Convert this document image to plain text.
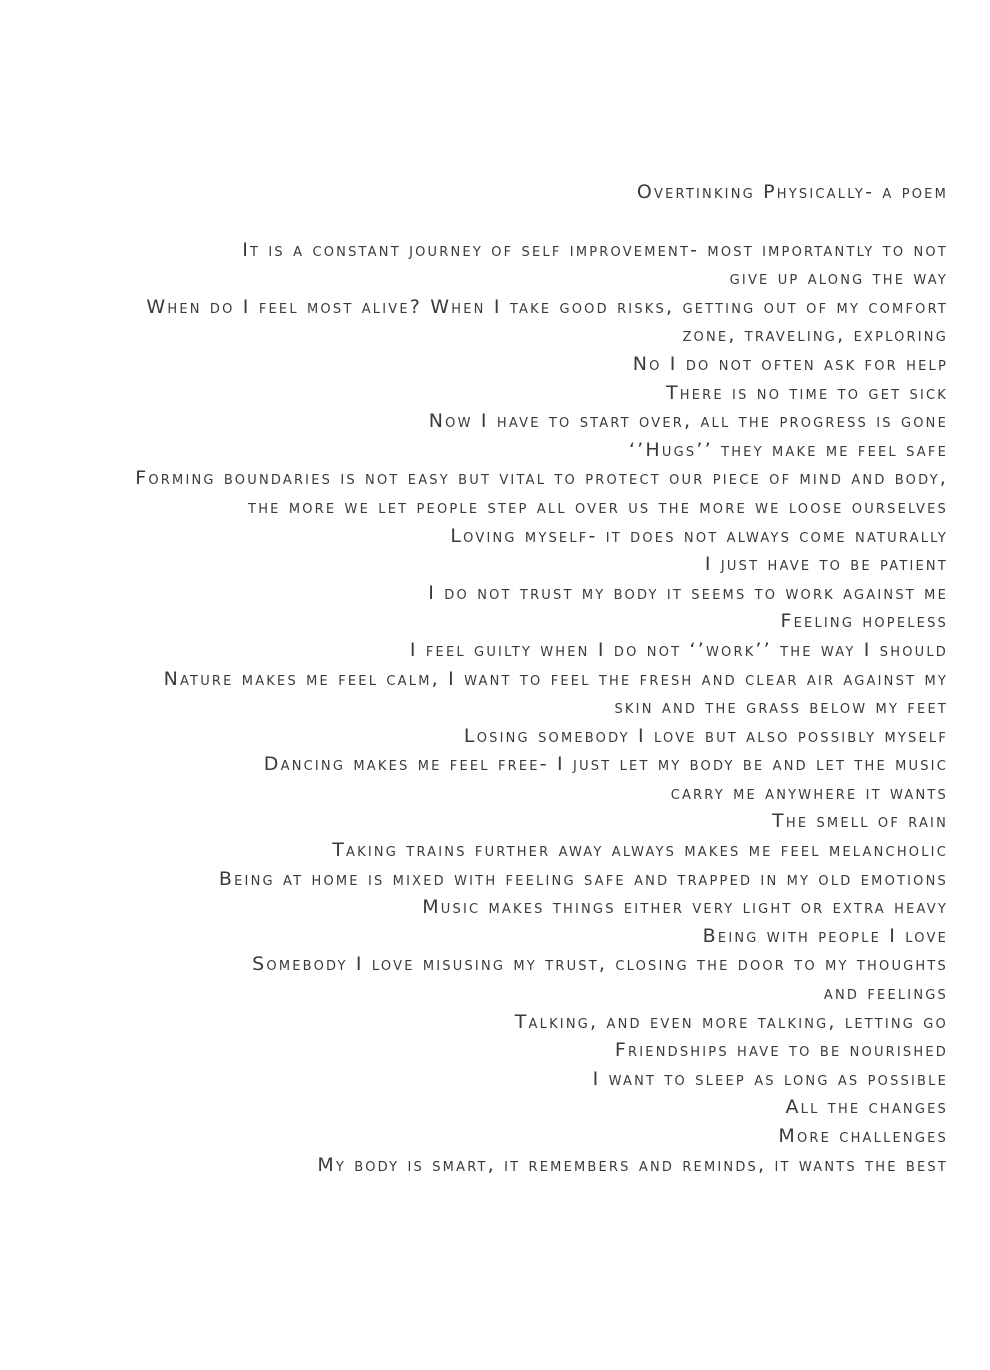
Overtinking Physically- a poem
It is a constant journey of self improvement- most importantly to not
give up along the way
When do I feel most alive? When I take good risks, getting out of my comfort
zone, traveling, exploring
No I do not often ask for help
There is no time to get sick
Now I have to start over, all the progress is gone
‘’Hugs’’ they make me feel safe
Forming boundaries is not easy but vital to protect our piece of mind and body,
the more we let people step all over us the more we loose ourselves
Loving myself- it does not always come naturally
I just have to be patient
I do not trust my body it seems to work against me
Feeling hopeless
I feel guilty when I do not ‘’work’’ the way I should
Nature makes me feel calm, I want to feel the fresh and clear air against my
skin and the grass below my feet
Losing somebody I love but also possibly myself
Dancing makes me feel free- I just let my body be and let the music
carry me anywhere it wants
The smell of rain
Taking trains further away always makes me feel melancholic
Being at home is mixed with feeling safe and trapped in my old emotions
Music makes things either very light or extra heavy
Being with people I love
Somebody I love misusing my trust, closing the door to my thoughts
and feelings
Talking, and even more talking, letting go
Friendships have to be nourished
I want to sleep as long as possible
All the changes
More challenges
My body is smart, it remembers and reminds, it wants the best
